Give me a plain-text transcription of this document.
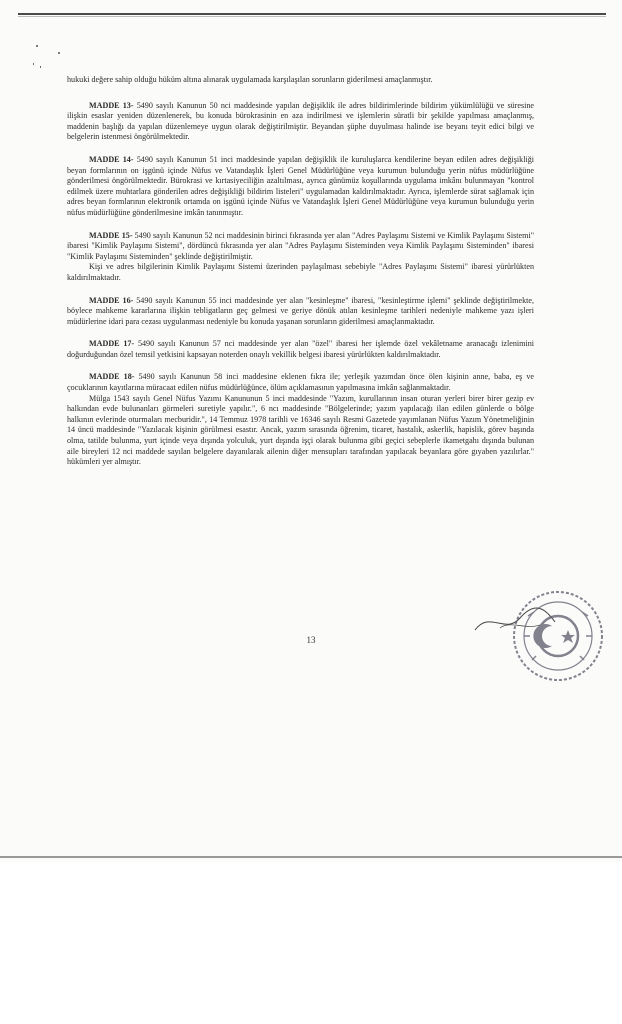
hukuki değere sahip olduğu hüküm altına alınarak uygulamada karşılaşılan sorunların giderilmesi amaçlanmıştır.

MADDE 13- 5490 sayılı Kanunun 50 nci maddesinde yapılan değişiklik ile adres bildirimlerinde bildirim yükümlülüğü ve süresine ilişkin esaslar yeniden düzenlenerek, bu konuda bürokrasinin en aza indirilmesi ve işlemlerin süratli bir şekilde yapılması amaçlanmış, maddenin başlığı da yapılan düzenlemeye uygun olarak değiştirilmiştir. Beyandan şüphe duyulması halinde ise beyanı teyit edici bilgi ve belgelerin istenmesi öngörülmektedir.

MADDE 14- 5490 sayılı Kanunun 51 inci maddesinde yapılan değişiklik ile kuruluşlarca kendilerine beyan edilen adres değişikliği beyan formlarının on işgünü içinde Nüfus ve Vatandaşlık İşleri Genel Müdürlüğüne veya kurumun bulunduğu yerin nüfus müdürlüğüne gönderilmesi öngörülmektedir. Bürokrasi ve kırtasiyeciliğin azaltılması, ayrıca günümüz koşullarında uygulama imkânı bulunmayan "kontrol edilmek üzere muhtarlara gönderilen adres değişikliği bildirim listeleri" uygulamadan kaldırılmaktadır. Ayrıca, işlemlerde sürat sağlamak için adres beyan formlarının elektronik ortamda on işgünü içinde Nüfus ve Vatandaşlık İşleri Genel Müdürlüğüne veya kurumun bulunduğu yerin nüfus müdürlüğüne gönderilmesine imkân tanınmıştır.

MADDE 15- 5490 sayılı Kanunun 52 nci maddesinin birinci fıkrasında yer alan "Adres Paylaşımı Sistemi ve Kimlik Paylaşımı Sistemi" ibaresi "Kimlik Paylaşımı Sistemi", dördüncü fıkrasında yer alan "Adres Paylaşımı Sisteminden veya Kimlik Paylaşımı Sisteminden" ibaresi "Kimlik Paylaşımı Sisteminden" şeklinde değiştirilmiştir.

Kişi ve adres bilgilerinin Kimlik Paylaşımı Sistemi üzerinden paylaşılması sebebiyle "Adres Paylaşımı Sistemi" ibaresi yürürlükten kaldırılmaktadır.

MADDE 16- 5490 sayılı Kanunun 55 inci maddesinde yer alan "kesinleşme" ibaresi, "kesinleştirme işlemi" şeklinde değiştirilmekte, böylece mahkeme kararlarına ilişkin tebligatların geç gelmesi ve geriye dönük atılan kesinleşme tarihleri nedeniyle mahkeme yazı işleri müdürlerine idari para cezası uygulanması nedeniyle bu konuda yaşanan sorunların giderilmesi amaçlanmaktadır.

MADDE 17- 5490 sayılı Kanunun 57 nci maddesinde yer alan "özel" ibaresi her işlemde özel vekâletname aranacağı izlenimini doğurduğundan özel temsil yetkisini kapsayan noterden onaylı vekillik belgesi ibaresi yürürlükten kaldırılmaktadır.

MADDE 18- 5490 sayılı Kanunun 58 inci maddesine eklenen fıkra ile; yerleşik yazımdan önce ölen kişinin anne, baba, eş ve çocuklarının kayıtlarına müracaat edilen nüfus müdürlüğünce, ölüm açıklamasının yapılmasına imkân sağlanmaktadır.

Mülga 1543 sayılı Genel Nüfus Yazımı Kanununun 5 inci maddesinde "Yazım, kurullarının insan oturan yerleri birer birer gezip ev halkından evde bulunanları görmeleri suretiyle yapılır.", 6 ncı maddesinde "Bölgelerinde; yazım yapılacağı ilan edilen günlerde o bölge halkının evlerinde oturmaları mecburidir.", 14 Temmuz 1978 tarihli ve 16346 sayılı Resmi Gazetede yayımlanan Nüfus Yazım Yönetmeliğinin 14 üncü maddesinde "Yazılacak kişinin görülmesi esastır. Ancak, yazım sırasında öğrenim, ticaret, hastalık, askerlik, hapislik, görev başında olma, tatilde bulunma, yurt içinde veya dışında yolculuk, yurt dışında işçi olarak bulunma gibi geçici sebeplerle ikametgahı dışında bulunan aile bireyleri 12 nci maddede sayılan belgelere dayanılarak ailenin diğer mensupları tarafından yapılacak beyanlara göre gıyaben yazılırlar." hükümleri yer almıştır.

13
